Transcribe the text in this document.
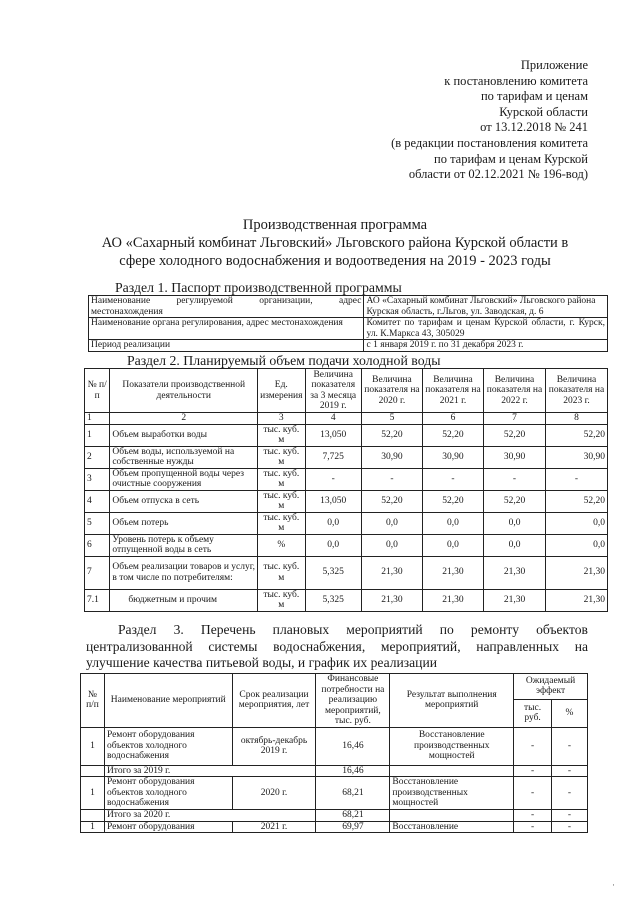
Приложение
к постановлению комитета
по тарифам и ценам
Курской области
от 13.12.2018 № 241
(в редакции постановления комитета
по тарифам и ценам Курской
области от 02.12.2021 № 196-вод)
Производственная программа
АО «Сахарный комбинат Льговский» Льговского района Курской области в
сфере холодного водоснабжения и водоотведения на 2019 - 2023 годы
Раздел 1. Паспорт производственной программы
Наименование регулируемой организации, адрес местонахождения	АО «Сахарный комбинат Льговский» Льговского района Курская область, г.Льгов, ул. Заводская, д. 6
Наименование органа регулирования, адрес местонахождения	Комитет по тарифам и ценам Курской области, г. Курск, ул. К.Маркса 43, 305029
Период реализации	с 1 января 2019 г. по 31 декабря 2023 г.
Раздел 2. Планируемый объем подачи холодной воды
№ п/п	Показатели производственной деятельности	Ед. измерения	Величина показателя за 3 месяца 2019 г.	Величина показателя на 2020 г.	Величина показателя на 2021 г.	Величина показателя на 2022 г.	Величина показателя на 2023 г.
1	2	3	4	5	6	7	8
1	Объем выработки воды	тыс. куб. м	13,050	52,20	52,20	52,20	52,20
2	Объем воды, используемой на собственные нужды	тыс. куб. м	7,725	30,90	30,90	30,90	30,90
3	Объем пропущенной воды через очистные сооружения	тыс. куб. м	-	-	-	-	-
4	Объем отпуска в сеть	тыс. куб. м	13,050	52,20	52,20	52,20	52,20
5	Объем потерь	тыс. куб. м	0,0	0,0	0,0	0,0	0,0
6	Уровень потерь к объему отпущенной воды в сеть	%	0,0	0,0	0,0	0,0	0,0
7	Объем реализации товаров и услуг, в том числе по потребителям:	тыс. куб. м	5,325	21,30	21,30	21,30	21,30
7.1	бюджетным и прочим	тыс. куб. м	5,325	21,30	21,30	21,30	21,30
Раздел 3. Перечень плановых мероприятий по ремонту объектов
централизованной системы водоснабжения, мероприятий, направленных на
улучшение качества питьевой воды, и график их реализации
№ п/п	Наименование мероприятий	Срок реализации мероприятия, лет	Финансовые потребности на реализацию мероприятий, тыс. руб.	Результат выполнения мероприятий	Ожидаемый эффект	
					тыс. руб.	%
1	Ремонт оборудования объектов холодного водоснабжения	октябрь-декабрь 2019 г.	16,46	Восстановление производственных мощностей	-	-
	Итого за 2019 г.		16,46		-	-
1	Ремонт оборудования объектов холодного водоснабжения	2020 г.	68,21	Восстановление производственных мощностей	-	-
	Итого за 2020 г.		68,21		-	-
1	Ремонт оборудования	2021 г.	69,97	Восстановление	-	-
·
